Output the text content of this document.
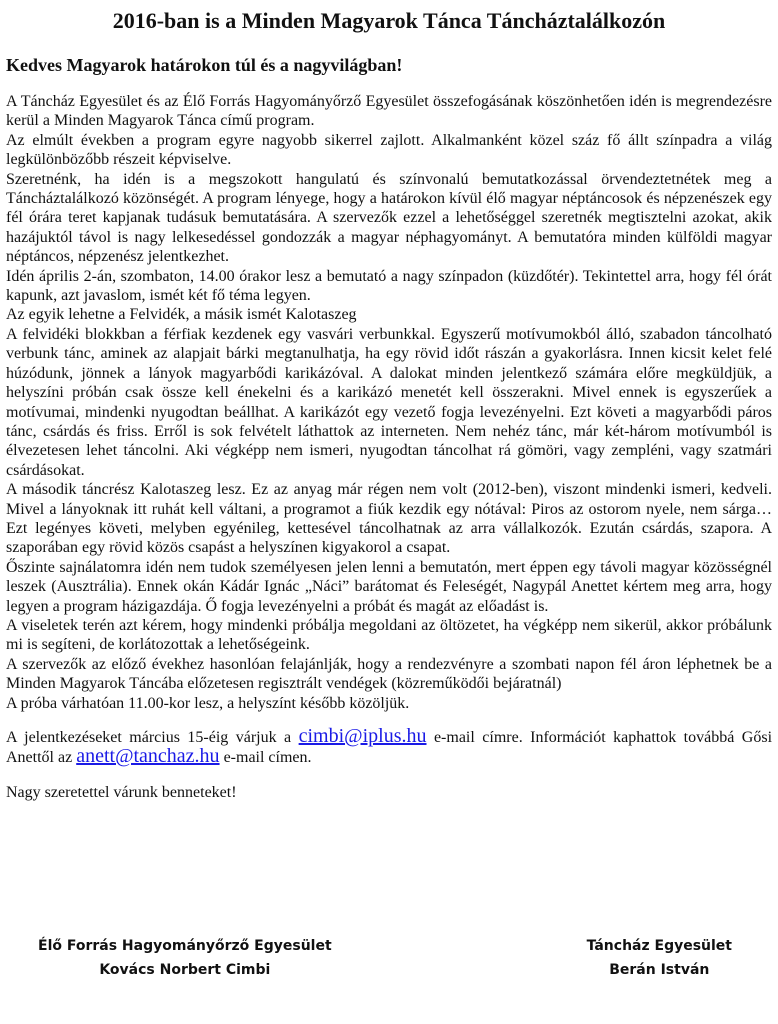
2016-ban is a Minden Magyarok Tánca Táncháztalálkozón

Kedves Magyarok határokon túl és a nagyvilágban!

A Táncház Egyesület és az Élő Forrás Hagyományőrző Egyesület összefogásának köszönhetően idén is megrendezésre kerül a Minden Magyarok Tánca című program.

Az elmúlt években a program egyre nagyobb sikerrel zajlott. Alkalmanként közel száz fő állt színpadra a világ legkülönbözőbb részeit képviselve.

Szeretnénk, ha idén is a megszokott hangulatú és színvonalú bemutatkozással örvendeztetnétek meg a Táncháztalálkozó közönségét. A program lényege, hogy a határokon kívül élő magyar néptáncosok és népzenészek egy fél órára teret kapjanak tudásuk bemutatására. A szervezők ezzel a lehetőséggel szeretnék megtisztelni azokat, akik hazájuktól távol is nagy lelkesedéssel gondozzák a magyar néphagyományt. A bemutatóra minden külföldi magyar néptáncos, népzenész jelentkezhet.

Idén április 2-án, szombaton, 14.00 órakor lesz a bemutató a nagy színpadon (küzdőtér). Tekintettel arra, hogy fél órát kapunk, azt javaslom, ismét két fő téma legyen.

Az egyik lehetne a Felvidék, a másik ismét Kalotaszeg

A felvidéki blokkban a férfiak kezdenek egy vasvári verbunkkal. Egyszerű motívumokból álló, szabadon táncolható verbunk tánc, aminek az alapjait bárki megtanulhatja, ha egy rövid időt rászán a gyakorlásra. Innen kicsit kelet felé húzódunk, jönnek a lányok magyarbődi karikázóval. A dalokat minden jelentkező számára előre megküldjük, a helyszíni próbán csak össze kell énekelni és a karikázó menetét kell összerakni. Mivel ennek is egyszerűek a motívumai, mindenki nyugodtan beállhat. A karikázót egy vezető fogja levezényelni. Ezt követi a magyarbődi páros tánc, csárdás és friss. Erről is sok felvételt láthattok az interneten. Nem nehéz tánc, már két-három motívumból is élvezetesen lehet táncolni. Aki végképp nem ismeri, nyugodtan táncolhat rá gömöri, vagy zempléni, vagy szatmári csárdásokat.

A második táncrész Kalotaszeg lesz. Ez az anyag már régen nem volt (2012-ben), viszont mindenki ismeri, kedveli. Mivel a lányoknak itt ruhát kell váltani, a programot a fiúk kezdik egy nótával: Piros az ostorom nyele, nem sárga… Ezt legényes követi, melyben egyénileg, kettesével táncolhatnak az arra vállalkozók. Ezután csárdás, szapora. A szaporában egy rövid közös csapást a helyszínen kigyakorol a csapat.

Őszinte sajnálatomra idén nem tudok személyesen jelen lenni a bemutatón, mert éppen egy távoli magyar közösségnél leszek (Ausztrália). Ennek okán Kádár Ignác „Náci” barátomat és Feleségét, Nagypál Anettet kértem meg arra, hogy legyen a program házigazdája. Ő fogja levezényelni a próbát és magát az előadást is.

A viseletek terén azt kérem, hogy mindenki próbálja megoldani az öltözetet, ha végképp nem sikerül, akkor próbálunk mi is segíteni, de korlátozottak a lehetőségeink.

A szervezők az előző évekhez hasonlóan felajánlják, hogy a rendezvényre a szombati napon fél áron léphetnek be a Minden Magyarok Táncába előzetesen regisztrált vendégek (közreműködői bejáratnál)

A próba várhatóan 11.00-kor lesz, a helyszínt később közöljük.

A jelentkezéseket március 15-éig várjuk a cimbi@iplus.hu e-mail címre. Információt kaphattok továbbá Gősi Anettől az anett@tanchaz.hu e-mail címen.

Nagy szeretettel várunk benneteket!

Élő Forrás Hagyományőrző Egyesület
Kovács Norbert Cimbi
Táncház Egyesület
Berán István
